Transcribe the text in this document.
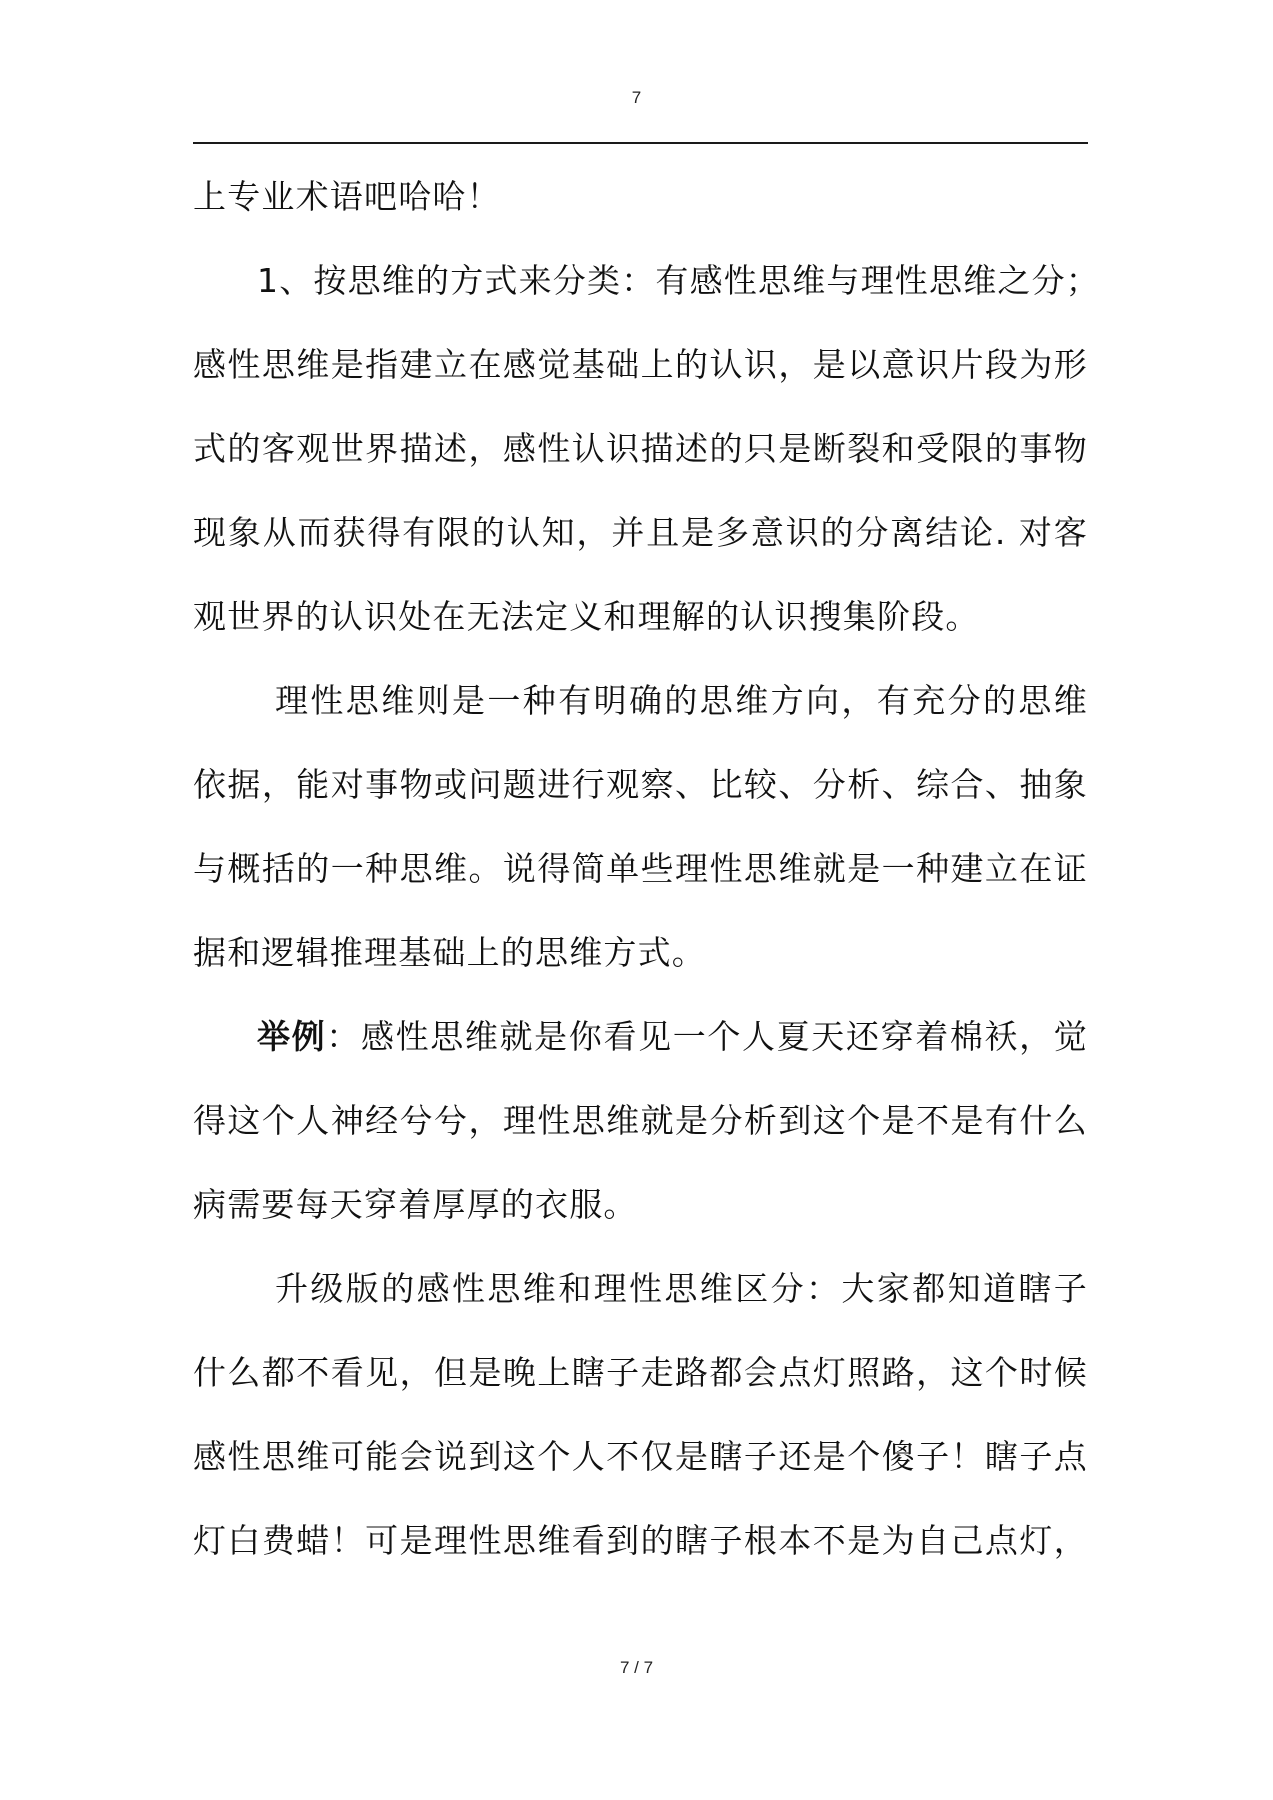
7
上专业术语吧哈哈！
1、按思维的方式来分类：有感性思维与理性思维之分；
感性思维是指建立在感觉基础上的认识，是以意识片段为形
式的客观世界描述，感性认识描述的只是断裂和受限的事物
现象从而获得有限的认知，并且是多意识的分离结论. 对客
观世界的认识处在无法定义和理解的认识搜集阶段。
理性思维则是一种有明确的思维方向，有充分的思维
依据，能对事物或问题进行观察、比较、分析、综合、抽象
与概括的一种思维。说得简单些理性思维就是一种建立在证
据和逻辑推理基础上的思维方式。
举例：感性思维就是你看见一个人夏天还穿着棉袄，觉
得这个人神经兮兮，理性思维就是分析到这个是不是有什么
病需要每天穿着厚厚的衣服。
升级版的感性思维和理性思维区分：大家都知道瞎子
什么都不看见，但是晚上瞎子走路都会点灯照路，这个时候
感性思维可能会说到这个人不仅是瞎子还是个傻子！瞎子点
灯白费蜡！可是理性思维看到的瞎子根本不是为自己点灯，
7 / 7
